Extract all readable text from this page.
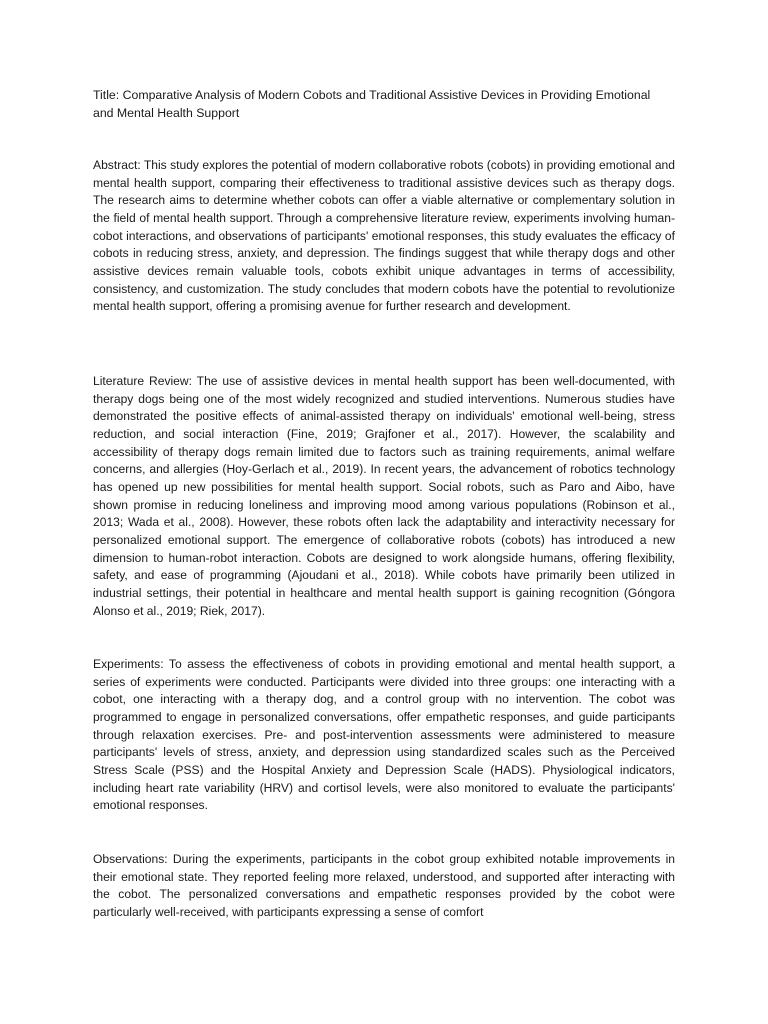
Title: Comparative Analysis of Modern Cobots and Traditional Assistive Devices in Providing Emotional and Mental Health Support

Abstract: This study explores the potential of modern collaborative robots (cobots) in providing emotional and mental health support, comparing their effectiveness to traditional assistive devices such as therapy dogs. The research aims to determine whether cobots can offer a viable alternative or complementary solution in the field of mental health support. Through a comprehensive literature review, experiments involving human-cobot interactions, and observations of participants' emotional responses, this study evaluates the efficacy of cobots in reducing stress, anxiety, and depression. The findings suggest that while therapy dogs and other assistive devices remain valuable tools, cobots exhibit unique advantages in terms of accessibility, consistency, and customization. The study concludes that modern cobots have the potential to revolutionize mental health support, offering a promising avenue for further research and development.

Literature Review: The use of assistive devices in mental health support has been well-documented, with therapy dogs being one of the most widely recognized and studied interventions. Numerous studies have demonstrated the positive effects of animal-assisted therapy on individuals' emotional well-being, stress reduction, and social interaction (Fine, 2019; Grajfoner et al., 2017). However, the scalability and accessibility of therapy dogs remain limited due to factors such as training requirements, animal welfare concerns, and allergies (Hoy-Gerlach et al., 2019). In recent years, the advancement of robotics technology has opened up new possibilities for mental health support. Social robots, such as Paro and Aibo, have shown promise in reducing loneliness and improving mood among various populations (Robinson et al., 2013; Wada et al., 2008). However, these robots often lack the adaptability and interactivity necessary for personalized emotional support. The emergence of collaborative robots (cobots) has introduced a new dimension to human-robot interaction. Cobots are designed to work alongside humans, offering flexibility, safety, and ease of programming (Ajoudani et al., 2018). While cobots have primarily been utilized in industrial settings, their potential in healthcare and mental health support is gaining recognition (Góngora Alonso et al., 2019; Riek, 2017).

Experiments: To assess the effectiveness of cobots in providing emotional and mental health support, a series of experiments were conducted. Participants were divided into three groups: one interacting with a cobot, one interacting with a therapy dog, and a control group with no intervention. The cobot was programmed to engage in personalized conversations, offer empathetic responses, and guide participants through relaxation exercises. Pre- and post-intervention assessments were administered to measure participants' levels of stress, anxiety, and depression using standardized scales such as the Perceived Stress Scale (PSS) and the Hospital Anxiety and Depression Scale (HADS). Physiological indicators, including heart rate variability (HRV) and cortisol levels, were also monitored to evaluate the participants' emotional responses.

Observations: During the experiments, participants in the cobot group exhibited notable improvements in their emotional state. They reported feeling more relaxed, understood, and supported after interacting with the cobot. The personalized conversations and empathetic responses provided by the cobot were particularly well-received, with participants expressing a sense of comfort
